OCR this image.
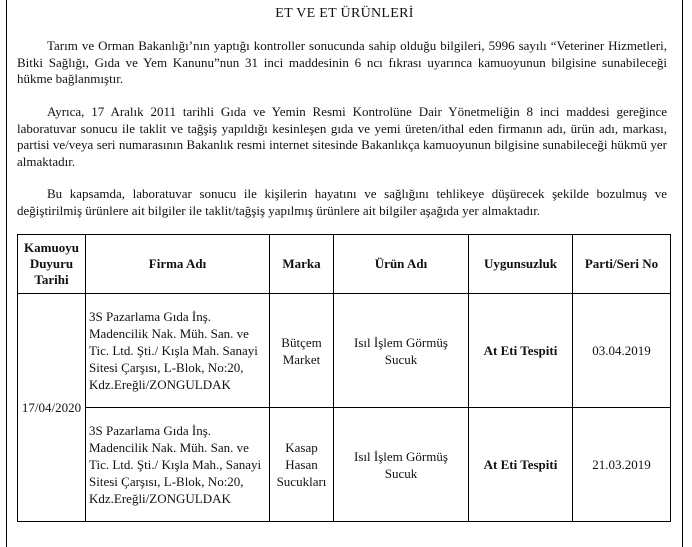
ET VE ET ÜRÜNLERİ

Tarım ve Orman Bakanlığı’nın yaptığı kontroller sonucunda sahip olduğu bilgileri, 5996 sayılı “Veteriner Hizmetleri, Bitki Sağlığı, Gıda ve Yem Kanunu”nun 31 inci maddesinin 6 ncı fıkrası uyarınca kamuoyunun bilgisine sunabileceği hükme bağlanmıştır.

Ayrıca, 17 Aralık 2011 tarihli Gıda ve Yemin Resmi Kontrolüne Dair Yönetmeliğin 8 inci maddesi gereğince laboratuvar sonucu ile taklit ve tağşiş yapıldığı kesinleşen gıda ve yemi üreten/ithal eden firmanın adı, ürün adı, markası, partisi ve/veya seri numarasının Bakanlık resmi internet sitesinde Bakanlıkça kamuoyunun bilgisine sunabileceği hükmü yer almaktadır.

Bu kapsamda, laboratuvar sonucu ile kişilerin hayatını ve sağlığını tehlikeye düşürecek şekilde bozulmuş ve değiştirilmiş ürünlere ait bilgiler ile taklit/tağşiş yapılmış ürünlere ait bilgiler aşağıda yer almaktadır.

Kamuoyu Duyuru Tarihi	Firma Adı	Marka	Ürün Adı	Uygunsuzluk	Parti/Seri No
17/04/2020	3S Pazarlama Gıda İnş. Madencilik Nak. Müh. San. ve Tic. Ltd. Şti./ Kışla Mah. Sanayi Sitesi Çarşısı, L-Blok, No:20, Kdz.Ereğli/ZONGULDAK	Bütçem Market	Isıl İşlem Görmüş Sucuk	At Eti Tespiti	03.04.2019
	3S Pazarlama Gıda İnş. Madencilik Nak. Müh. San. ve Tic. Ltd. Şti./ Kışla Mah., Sanayi Sitesi Çarşısı, L-Blok, No:20, Kdz.Ereğli/ZONGULDAK	Kasap Hasan Sucukları	Isıl İşlem Görmüş Sucuk	At Eti Tespiti	21.03.2019
